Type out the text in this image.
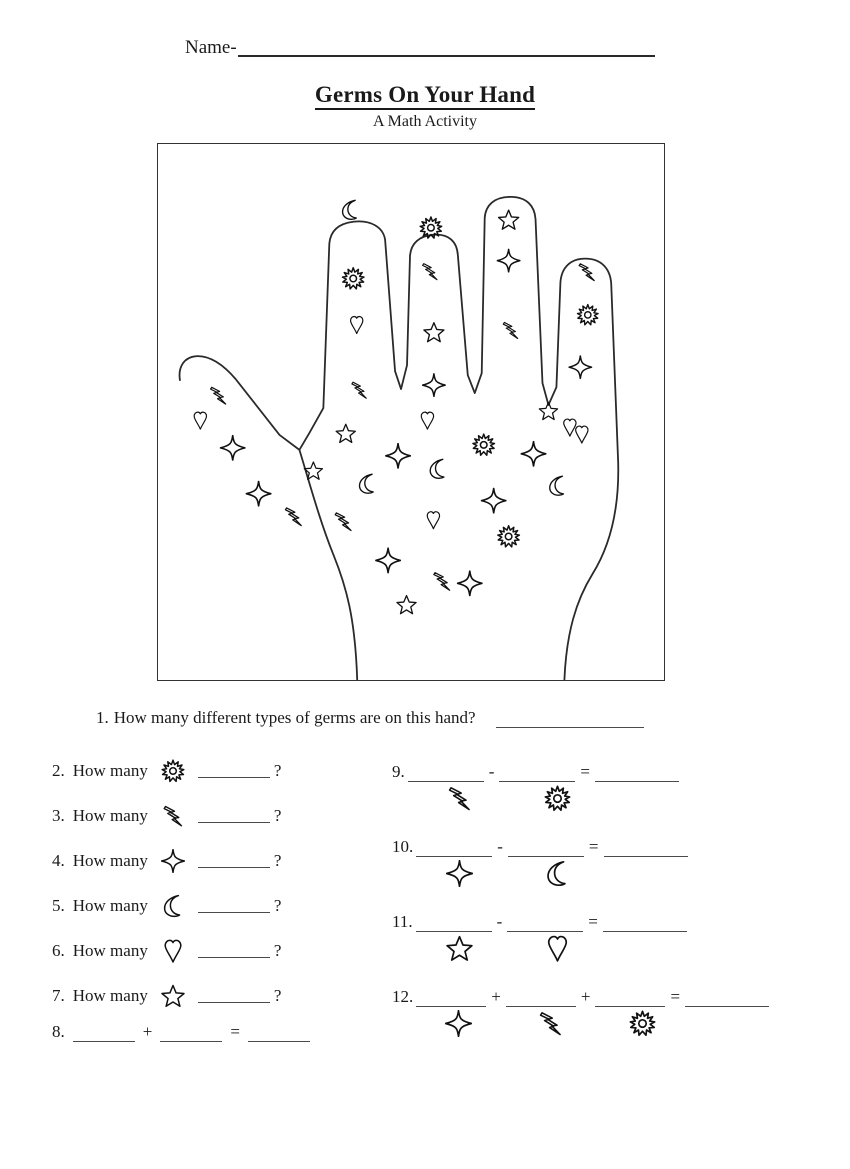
Name-
Germs On Your Hand
A Math Activity
1. How many different types of germs are on this hand?
2. How many	?
3. How many	?
4. How many	?
5. How many	?
6. How many	?
7. How many	?
8.	+	=
9.	-	=
10.	-	=
11.	-	=
12.	+	+	=
